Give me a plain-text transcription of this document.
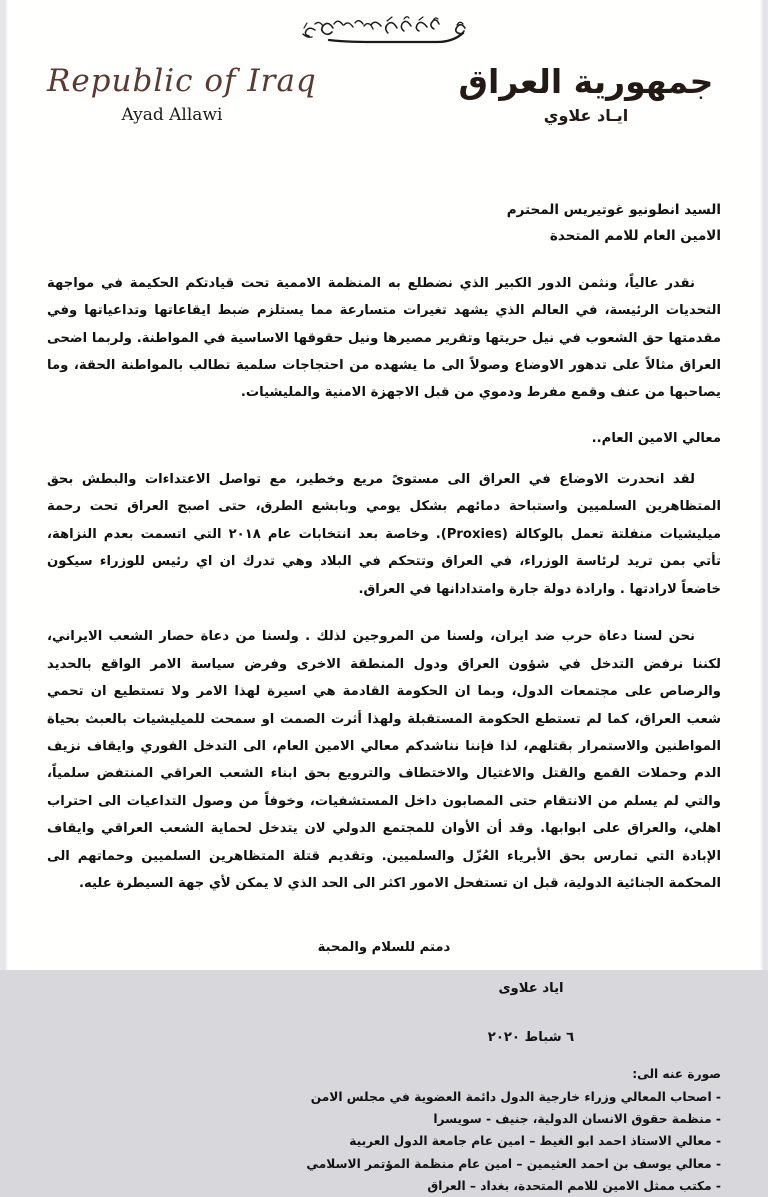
Republic of Iraq
Ayad Allawi
جمهورية العراق
ايـاد علاوي
السيد انطونيو غوتيريس المحترم
الامين العام للامم المتحدة
نقدر عالياً، ونثمن الدور الكبير الذي نضطلع به المنظمة الاممية تحت قيادتكم الحكيمة في مواجهة التحديات الرئيسة، في العالم الذي يشهد تغيرات متسارعة مما يستلزم ضبط ايقاعاتها وتداعياتها وفي مقدمتها حق الشعوب في نيل حريتها وتقرير مصيرها ونيل حقوقها الاساسية في المواطنة. ولربما اضحى العراق مثالاً على تدهور الاوضاع وصولاً الى ما يشهده من احتجاجات سلمية تطالب بالمواطنة الحقة، وما يصاحبها من عنف وقمع مفرط ودموي من قبل الاجهزة الامنية والمليشيات.
معالي الامين العام..
لقد انحدرت الاوضاع في العراق الى مستوىً مريع وخطير، مع تواصل الاعتداءات والبطش بحق المتظاهرين السلميين واستباحة دمائهم بشكل يومي وبابشع الطرق، حتى اصبح العراق تحت رحمة ميليشيات منفلتة تعمل بالوكالة (Proxies). وخاصة بعد انتخابات عام ٢٠١٨ التي اتسمت بعدم النزاهة، تأتي بمن تريد لرئاسة الوزراء، في العراق وتتحكم في البلاد وهي تدرك ان اي رئيس للوزراء سيكون خاضعاً لارادتها . وارادة دولة جارة وامتدادانها في العراق.
نحن لسنا دعاة حرب ضد ايران، ولسنا من المروجين لذلك . ولسنا من دعاة حصار الشعب الايراني، لكننا نرفض التدخل في شؤون العراق ودول المنطقة الاخرى وفرض سياسة الامر الواقع بالحديد والرصاص على مجتمعات الدول، وبما ان الحكومة القادمة هي اسيرة لهذا الامر ولا تستطيع ان تحمي شعب العراق، كما لم تستطع الحكومة المستقبلة ولهذا أثرت الصمت او سمحت للميليشيات بالعبث بحياة المواطنين والاستمرار بقتلهم، لذا فإننا نناشدكم معالي الامين العام، الى التدخل الفوري وايقاف نزيف الدم وحملات القمع والقتل والاغتيال والاختطاف والترويع بحق ابناء الشعب العراقي المنتفض سلمياً، والتي لم يسلم من الانتقام حتى المصابون داخل المستشفيات، وخوفاً من وصول التداعيات الى احتراب اهلي، والعراق على ابوابها. وقد أن الأوان للمجتمع الدولي لان يتدخل لحماية الشعب العراقي وايقاف الإبادة التي تمارس بحق الأبرياء العُزّل والسلميين. وتقديم قتلة المتظاهرين السلميين وحماتهم الى المحكمة الجنائية الدولية، قبل ان تستفحل الامور اكثر الى الحد الذي لا يمكن لأي جهة السيطرة عليه.
دمتم للسلام والمحبة
اياد علاوى
٦ شباط ٢٠٢٠
صورة عنه الى:
- اصحاب المعالي وزراء خارجية الدول دائمة العضوية في مجلس الامن
- منظمة حقوق الانسان الدولية، جنيف - سويسرا
- معالي الاستاذ احمد ابو الغيط – امين عام جامعة الدول العربية
- معالي يوسف بن احمد العثيمين – امين عام منظمة المؤتمر الاسلامي
- مكتب ممثل الامين للامم المتحدة، بغداد – العراق
